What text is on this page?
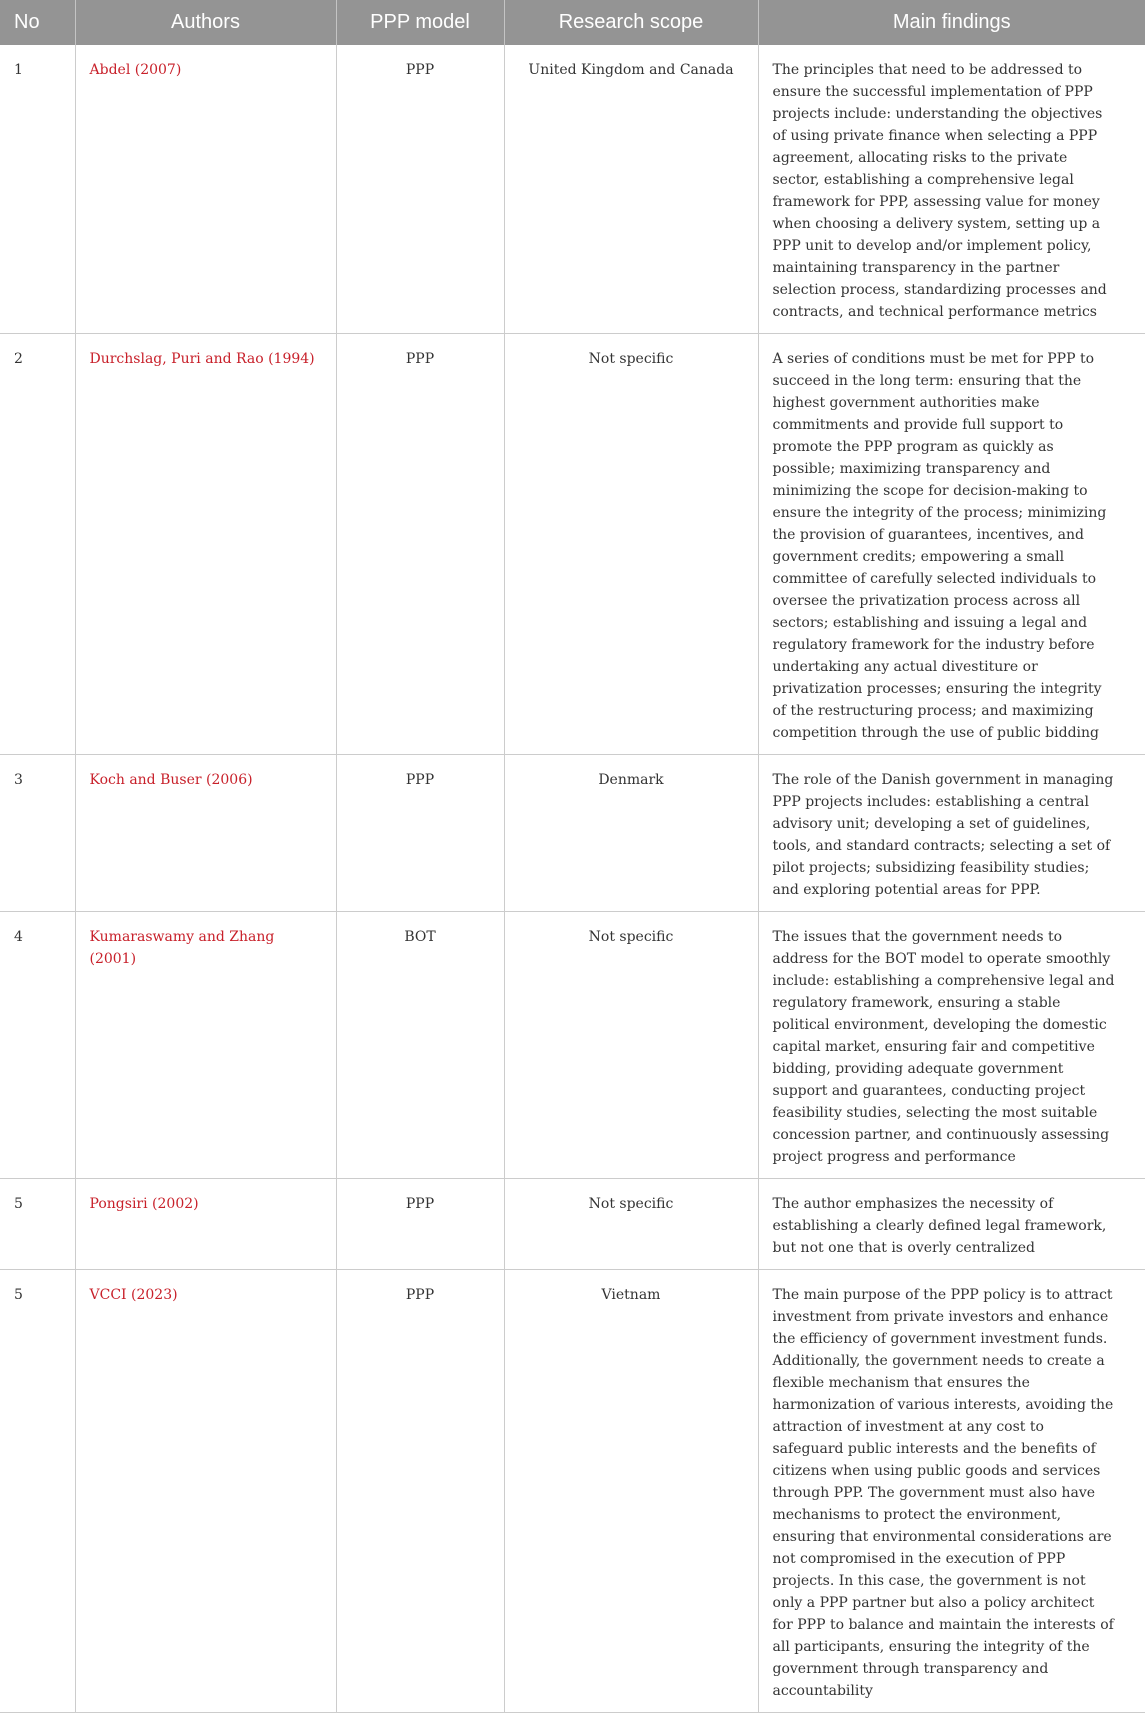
No	Authors	PPP model	Research scope	Main findings
1	Abdel (2007)	PPP	United Kingdom and Canada	The principles that need to be addressed to ensure the successful implementation of PPP projects include: understanding the objectives of using private finance when selecting a PPP agreement, allocating risks to the private sector, establishing a comprehensive legal framework for PPP, assessing value for money when choosing a delivery system, setting up a PPP unit to develop and/or implement policy, maintaining transparency in the partner selection process, standardizing processes and contracts, and technical performance metrics
2	Durchslag, Puri and Rao (1994)	PPP	Not specific	A series of conditions must be met for PPP to succeed in the long term: ensuring that the highest government authorities make commitments and provide full support to promote the PPP program as quickly as possible; maximizing transparency and minimizing the scope for decision-making to ensure the integrity of the process; minimizing the provision of guarantees, incentives, and government credits; empowering a small committee of carefully selected individuals to oversee the privatization process across all sectors; establishing and issuing a legal and regulatory framework for the industry before undertaking any actual divestiture or privatization processes; ensuring the integrity of the restructuring process; and maximizing competition through the use of public bidding
3	Koch and Buser (2006)	PPP	Denmark	The role of the Danish government in managing PPP projects includes: establishing a central advisory unit; developing a set of guidelines, tools, and standard contracts; selecting a set of pilot projects; subsidizing feasibility studies; and exploring potential areas for PPP.
4	Kumaraswamy and Zhang (2001)	BOT	Not specific	The issues that the government needs to address for the BOT model to operate smoothly include: establishing a comprehensive legal and regulatory framework, ensuring a stable political environment, developing the domestic capital market, ensuring fair and competitive bidding, providing adequate government support and guarantees, conducting project feasibility studies, selecting the most suitable concession partner, and continuously assessing project progress and performance
5	Pongsiri (2002)	PPP	Not specific	The author emphasizes the necessity of establishing a clearly defined legal framework, but not one that is overly centralized
5	VCCI (2023)	PPP	Vietnam	The main purpose of the PPP policy is to attract investment from private investors and enhance the efficiency of government investment funds. Additionally, the government needs to create a flexible mechanism that ensures the harmonization of various interests, avoiding the attraction of investment at any cost to safeguard public interests and the benefits of citizens when using public goods and services through PPP. The government must also have mechanisms to protect the environment, ensuring that environmental considerations are not compromised in the execution of PPP projects. In this case, the government is not only a PPP partner but also a policy architect for PPP to balance and maintain the interests of all participants, ensuring the integrity of the government through transparency and accountability
